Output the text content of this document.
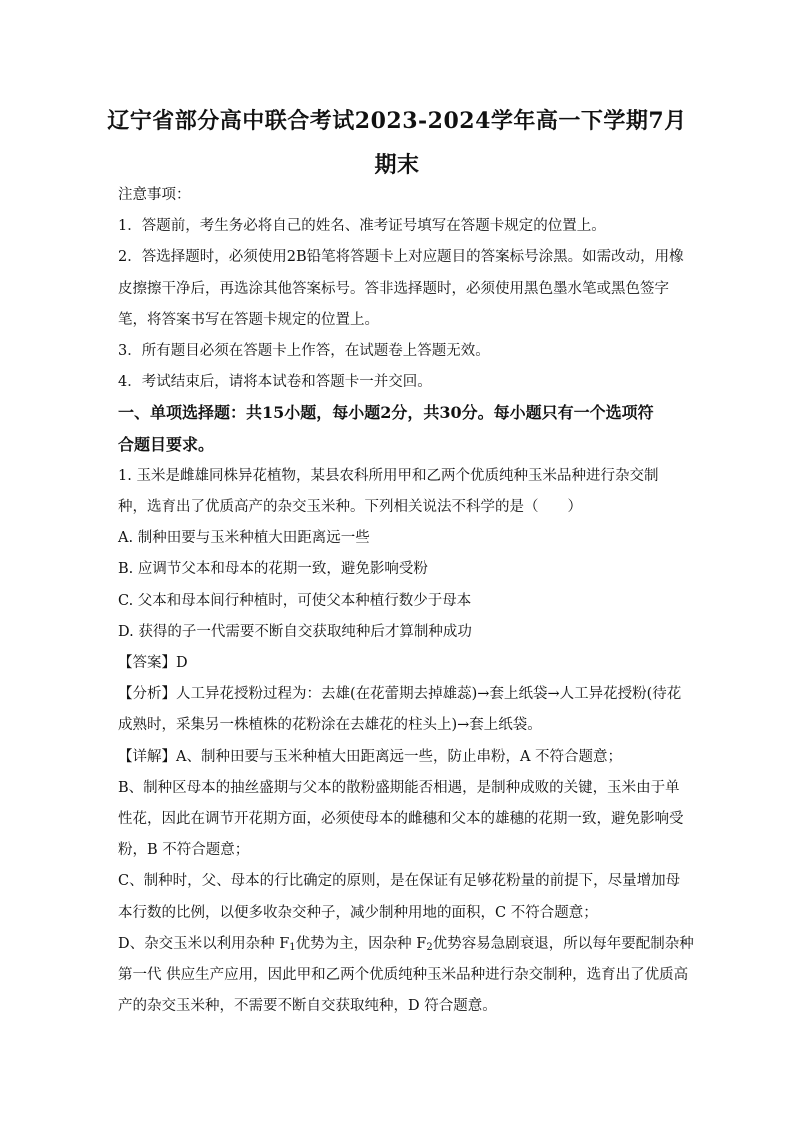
辽宁省部分高中联合考试2023-2024学年高一下学期7月
期末
注意事项：
1．答题前，考生务必将自己的姓名、准考证号填写在答题卡规定的位置上。
2．答选择题时，必须使用2B铅笔将答题卡上对应题目的答案标号涂黑。如需改动，用橡
皮擦擦干净后，再选涂其他答案标号。答非选择题时，必须使用黑色墨水笔或黑色签字
笔，将答案书写在答题卡规定的位置上。
3．所有题目必须在答题卡上作答，在试题卷上答题无效。
4．考试结束后，请将本试卷和答题卡一并交回。
一、单项选择题：共15小题，每小题2分，共30分。每小题只有一个选项符
合题目要求。
1. 玉米是雌雄同株异花植物，某县农科所用甲和乙两个优质纯种玉米品种进行杂交制
种，选育出了优质高产的杂交玉米种。下列相关说法不科学的是（　　）
A. 制种田要与玉米种植大田距离远一些
B. 应调节父本和母本的花期一致，避免影响受粉
C. 父本和母本间行种植时，可使父本种植行数少于母本
D. 获得的子一代需要不断自交获取纯种后才算制种成功
【答案】D
【分析】人工异花授粉过程为：去雄(在花蕾期去掉雄蕊)→套上纸袋→人工异花授粉(待花
成熟时，采集另一株植株的花粉涂在去雄花的柱头上)→套上纸袋。
【详解】A、制种田要与玉米种植大田距离远一些，防止串粉，A 不符合题意；
B、制种区母本的抽丝盛期与父本的散粉盛期能否相遇，是制种成败的关键，玉米由于单
性花，因此在调节开花期方面，必须使母本的雌穗和父本的雄穗的花期一致，避免影响受
粉，B 不符合题意；
C、制种时，父、母本的行比确定的原则，是在保证有足够花粉量的前提下，尽量增加母
本行数的比例，以便多收杂交种子，减少制种用地的面积，C 不符合题意；
D、杂交玉米以利用杂种 $F_1$优势为主，因杂种 $F_2$优势容易急剧衰退，所以每年要配制杂种
第一代 供应生产应用，因此甲和乙两个优质纯种玉米品种进行杂交制种，选育出了优质高
产的杂交玉米种，不需要不断自交获取纯种，D 符合题意。
